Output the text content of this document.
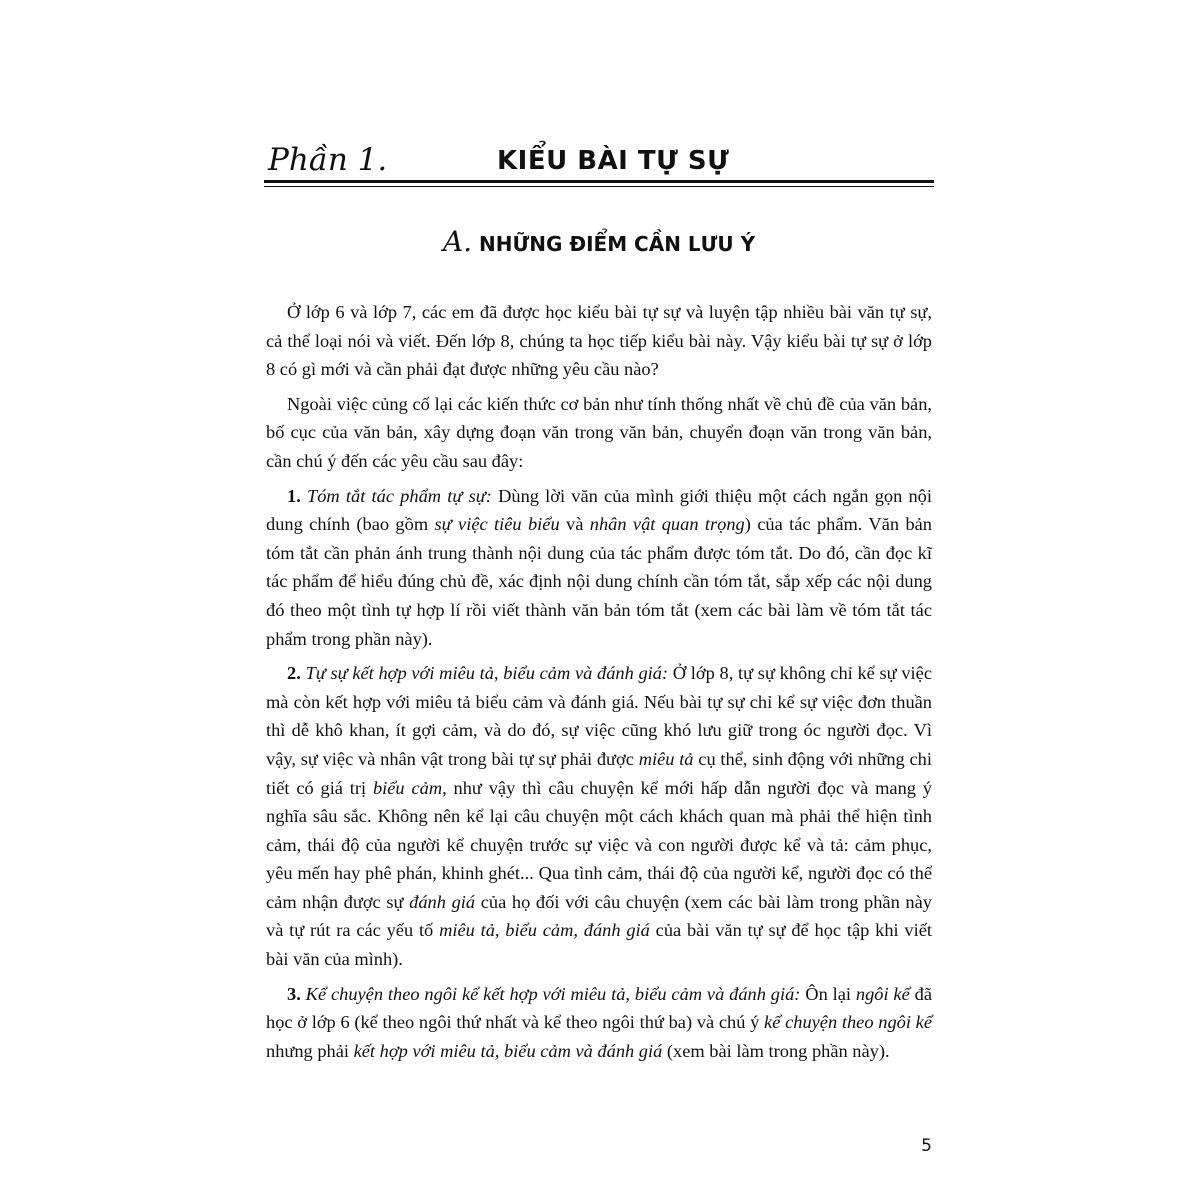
Phần 1.	KIỂU BÀI TỰ SỰ
A. NHỮNG ĐIỂM CẦN LƯU Ý

Ở lớp 6 và lớp 7, các em đã được học kiểu bài tự sự và luyện tập nhiều bài văn tự sự, cả thể loại nói và viết. Đến lớp 8, chúng ta học tiếp kiểu bài này. Vậy kiểu bài tự sự ở lớp 8 có gì mới và cần phải đạt được những yêu cầu nào?

Ngoài việc củng cố lại các kiến thức cơ bản như tính thống nhất về chủ đề của văn bản, bố cục của văn bản, xây dựng đoạn văn trong văn bản, chuyển đoạn văn trong văn bản, cần chú ý đến các yêu cầu sau đây:

1. Tóm tắt tác phẩm tự sự: Dùng lời văn của mình giới thiệu một cách ngắn gọn nội dung chính (bao gồm sự việc tiêu biểu và nhân vật quan trọng) của tác phẩm. Văn bản tóm tắt cần phản ánh trung thành nội dung của tác phẩm được tóm tắt. Do đó, cần đọc kĩ tác phẩm để hiểu đúng chủ đề, xác định nội dung chính cần tóm tắt, sắp xếp các nội dung đó theo một tình tự hợp lí rồi viết thành văn bản tóm tắt (xem các bài làm về tóm tắt tác phẩm trong phần này).

2. Tự sự kết hợp với miêu tả, biểu cảm và đánh giá: Ở lớp 8, tự sự không chỉ kể sự việc mà còn kết hợp với miêu tả biểu cảm và đánh giá. Nếu bài tự sự chỉ kể sự việc đơn thuần thì dễ khô khan, ít gợi cảm, và do đó, sự việc cũng khó lưu giữ trong óc người đọc. Vì vậy, sự việc và nhân vật trong bài tự sự phải được miêu tả cụ thể, sinh động với những chi tiết có giá trị biểu cảm, như vậy thì câu chuyện kể mới hấp dẫn người đọc và mang ý nghĩa sâu sắc. Không nên kể lại câu chuyện một cách khách quan mà phải thể hiện tình cảm, thái độ của người kể chuyện trước sự việc và con người được kể và tả: cảm phục, yêu mến hay phê phán, khinh ghét... Qua tình cảm, thái độ của người kể, người đọc có thể cảm nhận được sự đánh giá của họ đối với câu chuyện (xem các bài làm trong phần này và tự rút ra các yếu tố miêu tả, biểu cảm, đánh giá của bài văn tự sự để học tập khi viết bài văn của mình).

3. Kể chuyện theo ngôi kể kết hợp với miêu tả, biểu cảm và đánh giá: Ôn lại ngôi kể đã học ở lớp 6 (kể theo ngôi thứ nhất và kể theo ngôi thứ ba) và chú ý kể chuyện theo ngôi kể nhưng phải kết hợp với miêu tả, biểu cảm và đánh giá (xem bài làm trong phần này).

5
